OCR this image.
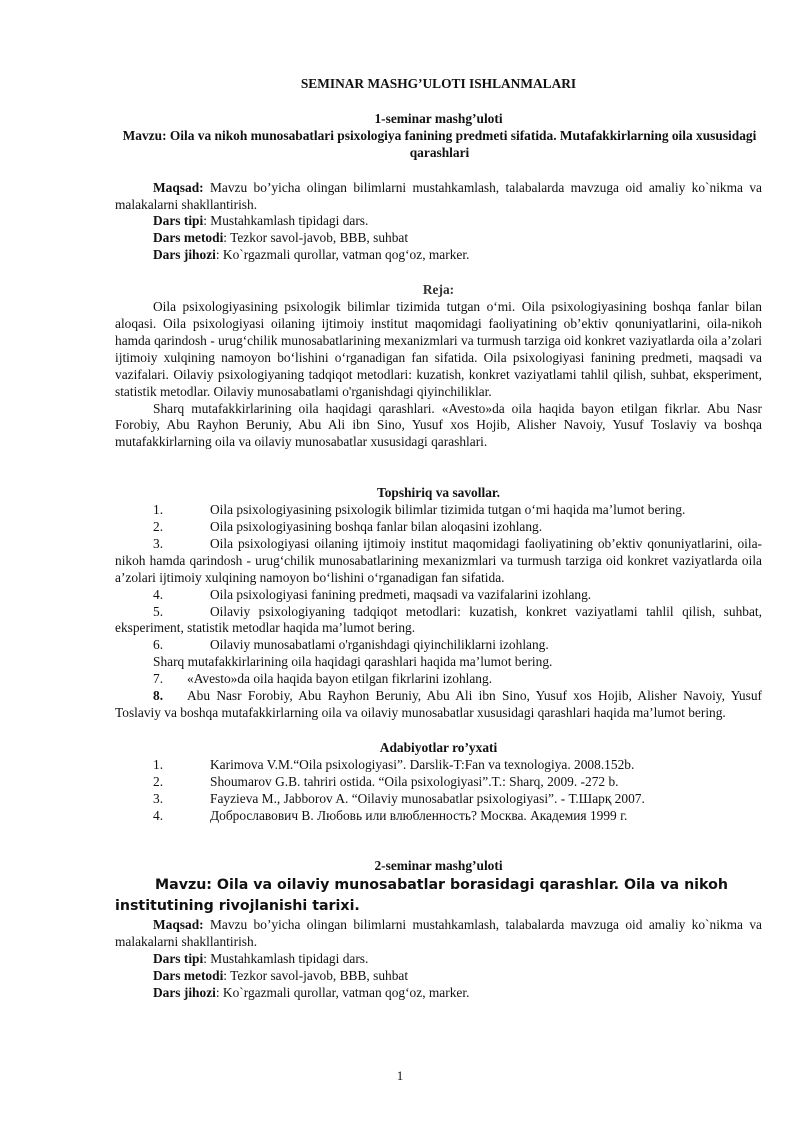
SEMINAR MASHG’ULOTI ISHLANMALARI

1-seminar mashg’uloti

Mavzu: Oila va nikoh munosabatlari psixologiya fanining predmeti sifatida. Mutafakkirlarning oila xususidagi qarashlari

Maqsad: Mavzu bo’yicha olingan bilimlarni mustahkamlash, talabalarda mavzuga oid amaliy ko`nikma va malakalarni shakllantirish.

Dars tipi: Mustahkamlash tipidagi dars.

Dars metodi: Tezkor savol-javob, BBB, suhbat

Dars jihozi: Ko`rgazmali qurollar, vatman qog‘oz, marker.

Reja:

Oila psixologiyasining psixologik bilimlar tizimida tutgan o‘mi. Oila psixologiyasining boshqa fanlar bilan aloqasi. Oila psixologiyasi oilaning ijtimoiy institut maqomidagi faoliyatining ob’ektiv qonuniyatlarini, oila-nikoh hamda qarindosh - urug‘chilik munosabatlarining mexanizmlari va turmush tarziga oid konkret vaziyatlarda oila a’zolari ijtimoiy xulqining namoyon bo‘lishini o‘rganadigan fan sifatida. Oila psixologiyasi fanining predmeti, maqsadi va vazifalari. Oilaviy psixologiyaning tadqiqot metodlari: kuzatish, konkret vaziyatlami tahlil qilish, suhbat, eksperiment, statistik metodlar. Oilaviy munosabatlami o'rganishdagi qiyinchiliklar.

Sharq mutafakkirlarining oila haqidagi qarashlari. «Avesto»da oila haqida bayon etilgan fikrlar. Abu Nasr Forobiy, Abu Rayhon Beruniy, Abu Ali ibn Sino, Yusuf xos Hojib, Alisher Navoiy, Yusuf Toslaviy va boshqa mutafakkirlarning oila va oilaviy munosabatlar xususidagi qarashlari.

Topshiriq va savollar.

1.	Oila psixologiyasining psixologik bilimlar tizimida tutgan o‘mi haqida ma’lumot bering.
2.	Oila psixologiyasining boshqa fanlar bilan aloqasini izohlang.

3.	Oila psixologiyasi oilaning ijtimoiy institut maqomidagi faoliyatining ob’ektiv qonuniyatlarini, oila-nikoh hamda qarindosh - urug‘chilik munosabatlarining mexanizmlari va turmush tarziga oid konkret vaziyatlarda oila a’zolari ijtimoiy xulqining namoyon bo‘lishini o‘rganadigan fan sifatida.

4.	Oila psixologiyasi fanining predmeti, maqsadi va vazifalarini izohlang.

5.	Oilaviy psixologiyaning tadqiqot metodlari: kuzatish, konkret vaziyatlami tahlil qilish, suhbat, eksperiment, statistik metodlar haqida ma’lumot bering.

6.	Oilaviy munosabatlami o'rganishdagi qiyinchiliklarni izohlang.

Sharq mutafakkirlarining oila haqidagi qarashlari haqida ma’lumot bering.

7. «Avesto»da oila haqida bayon etilgan fikrlarini izohlang.

8. Abu Nasr Forobiy, Abu Rayhon Beruniy, Abu Ali ibn Sino, Yusuf xos Hojib, Alisher Navoiy, Yusuf Toslaviy va boshqa mutafakkirlarning oila va oilaviy munosabatlar xususidagi qarashlari haqida ma’lumot bering.

Adabiyotlar ro’yxati

1.	Karimova V.M.“Oila psixologiyasi”. Darslik-T:Fan va texnologiya. 2008.152b.
2.	Shoumarov G.B. tahriri ostida. “Oila psixologiyasi”.T.: Sharq, 2009. -272 b.
3.	Fayzieva M., Jabborov A. “Oilaviy munosabatlar psixologiyasi”. - Т.Шарқ 2007.
4.	Доброславович В. Любовь или влюбленность? Москва. Академия 1999 г.

2-seminar mashg’uloti

Mavzu: Oila va oilaviy munosabatlar borasidagi qarashlar. Oila va nikoh institutining rivojlanishi tarixi.

Maqsad: Mavzu bo’yicha olingan bilimlarni mustahkamlash, talabalarda mavzuga oid amaliy ko`nikma va malakalarni shakllantirish.

Dars tipi: Mustahkamlash tipidagi dars.

Dars metodi: Tezkor savol-javob, BBB, suhbat

Dars jihozi: Ko`rgazmali qurollar, vatman qog‘oz, marker.

1
